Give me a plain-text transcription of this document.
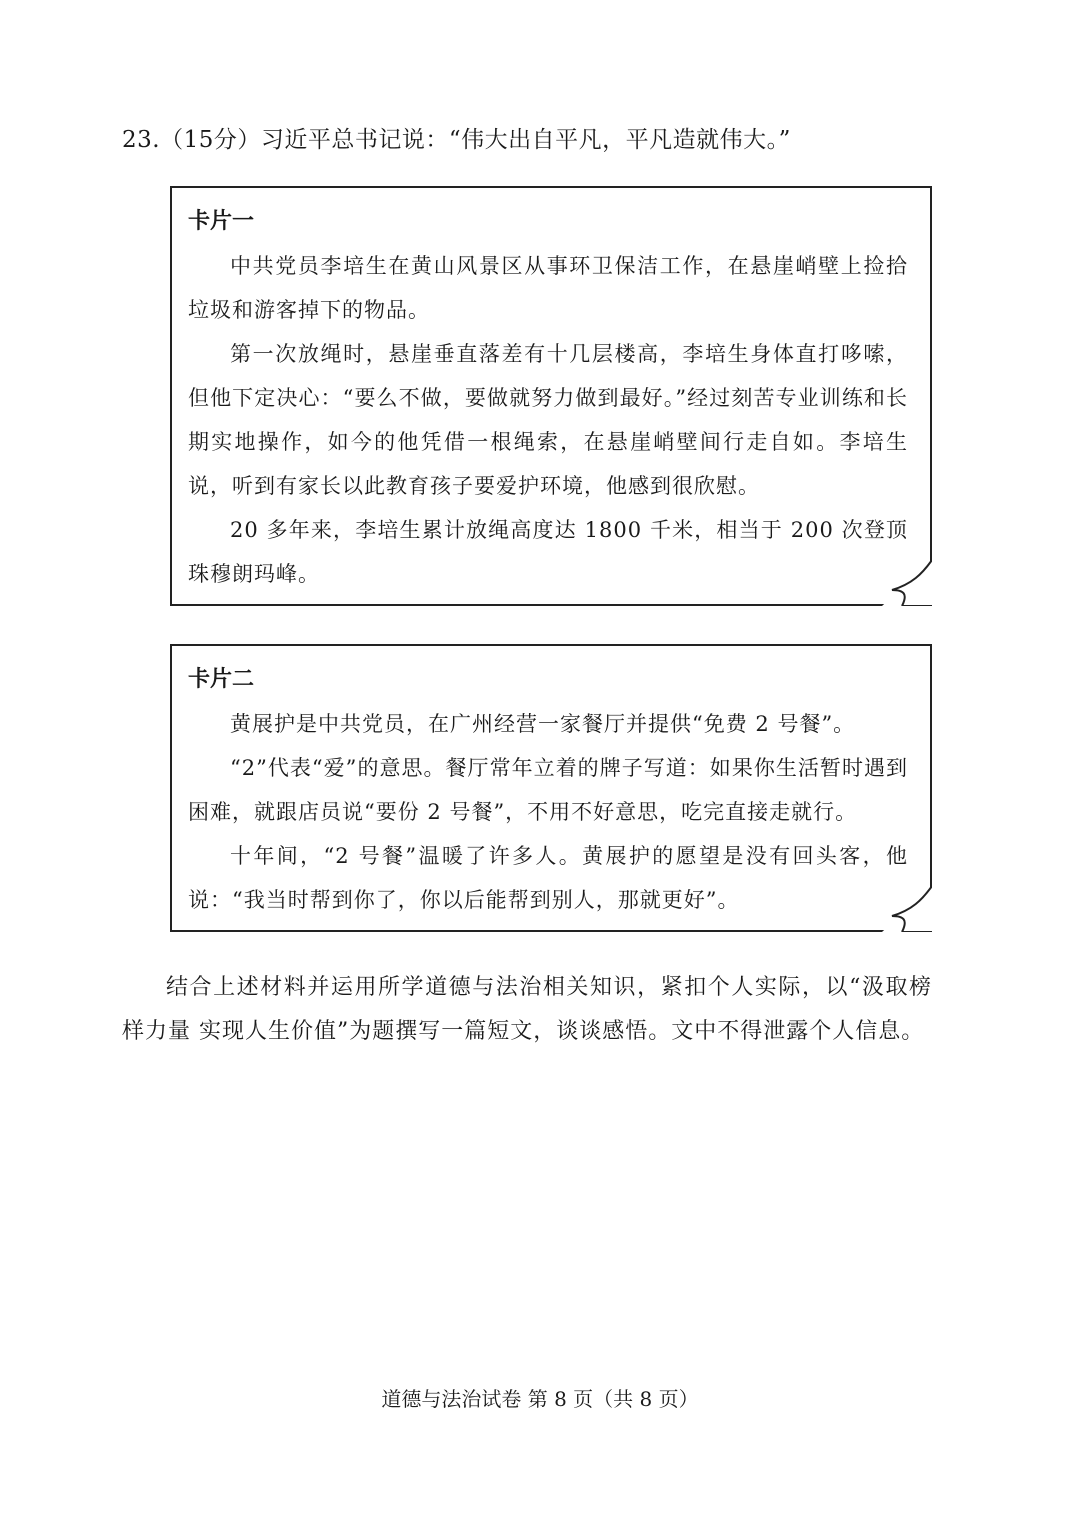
23.（15分）习近平总书记说：“伟大出自平凡，平凡造就伟大。”

卡片一

中共党员李培生在黄山风景区从事环卫保洁工作，在悬崖峭壁上捡拾垃圾和游客掉下的物品。

第一次放绳时，悬崖垂直落差有十几层楼高，李培生身体直打哆嗦，但他下定决心：“要么不做，要做就努力做到最好。”经过刻苦专业训练和长期实地操作，如今的他凭借一根绳索，在悬崖峭壁间行走自如。李培生说，听到有家长以此教育孩子要爱护环境，他感到很欣慰。

20 多年来，李培生累计放绳高度达 1800 千米，相当于 200 次登顶珠穆朗玛峰。

卡片二

黄展护是中共党员，在广州经营一家餐厅并提供“免费 2 号餐”。

“2”代表“爱”的意思。餐厅常年立着的牌子写道：如果你生活暂时遇到困难，就跟店员说“要份 2 号餐”，不用不好意思，吃完直接走就行。

十年间，“2 号餐”温暖了许多人。黄展护的愿望是没有回头客，他说：“我当时帮到你了，你以后能帮到别人，那就更好”。

结合上述材料并运用所学道德与法治相关知识，紧扣个人实际，以“汲取榜样力量 实现人生价值”为题撰写一篇短文，谈谈感悟。文中不得泄露个人信息。

道德与法治试卷 第 8 页（共 8 页）
